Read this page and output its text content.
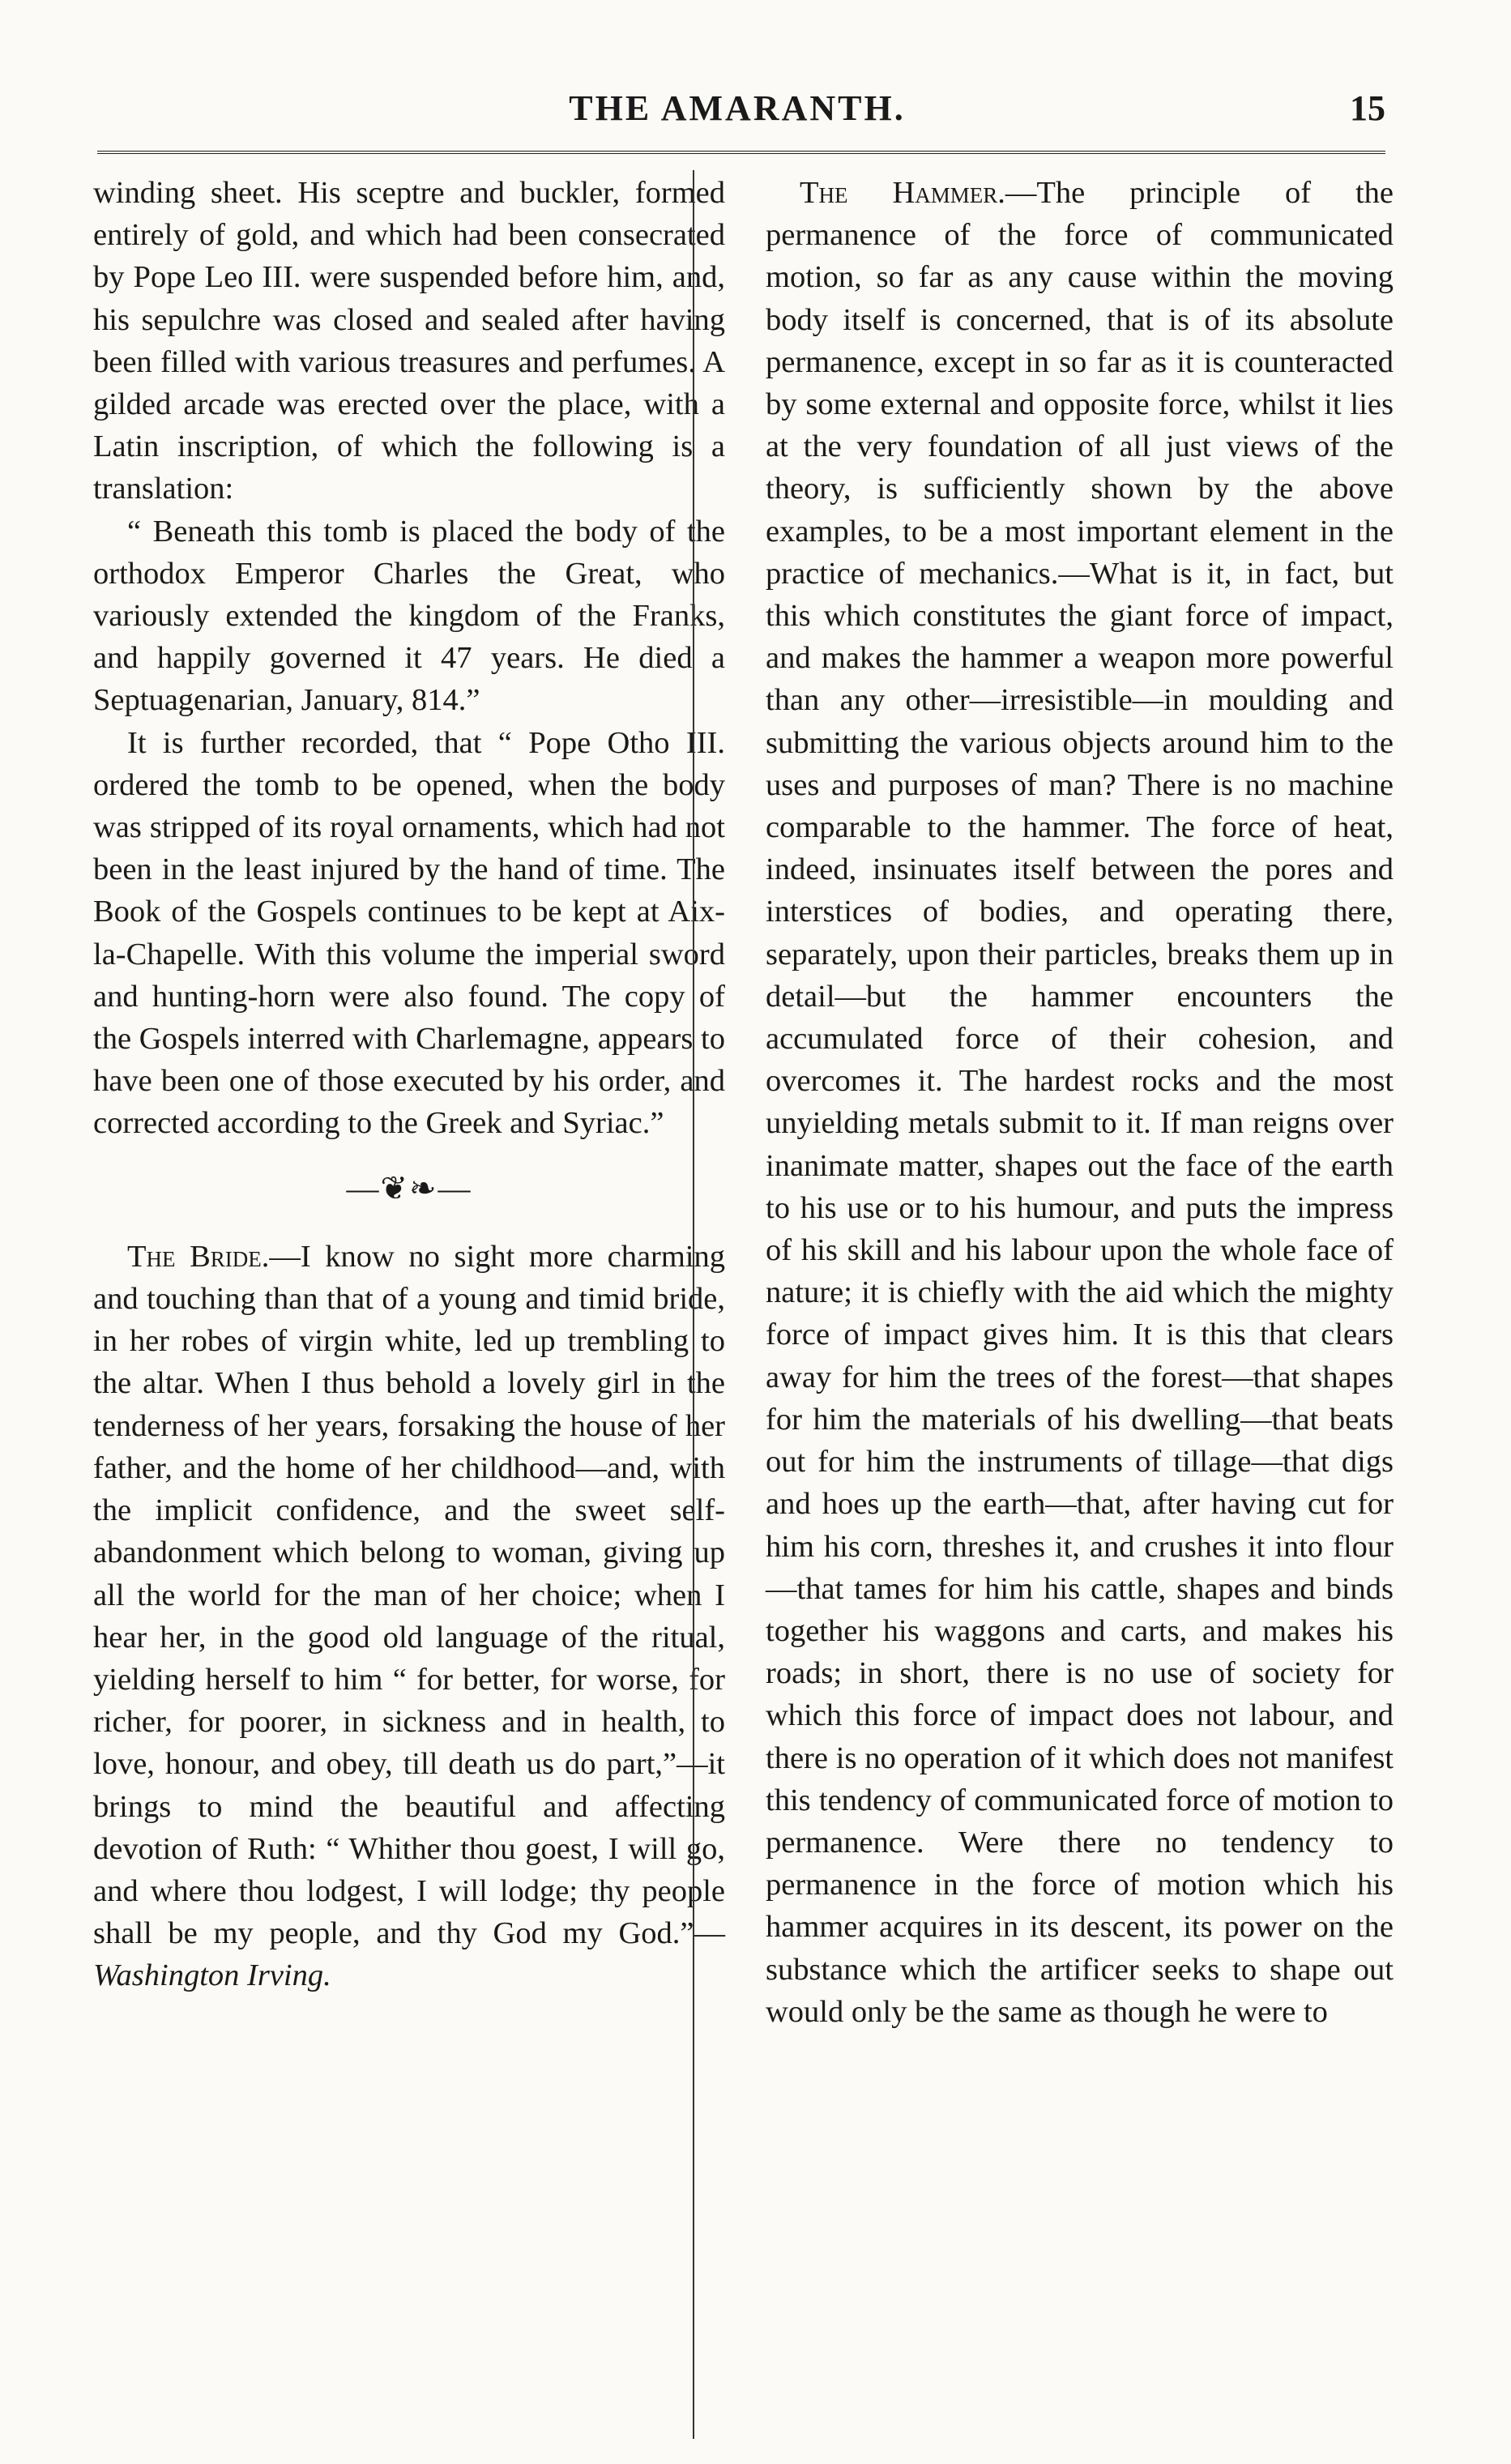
THE AMARANTH.	15

winding sheet. His sceptre and buckler, formed entirely of gold, and which had been consecrated by Pope Leo III. were suspended before him, and, his sepulchre was closed and sealed after having been filled with various treasures and perfumes. A gilded arcade was erected over the place, with a Latin inscription, of which the following is a translation:

“ Beneath this tomb is placed the body of the orthodox Emperor Charles the Great, who variously extended the kingdom of the Franks, and happily governed it 47 years. He died a Septuagenarian, January, 814.”

It is further recorded, that “ Pope Otho III. ordered the tomb to be opened, when the body was stripped of its royal ornaments, which had not been in the least injured by the hand of time. The Book of the Gospels continues to be kept at Aix-la-Chapelle. With this volume the imperial sword and hunting-horn were also found. The copy of the Gospels interred with Charlemagne, appears to have been one of those executed by his order, and corrected according to the Greek and Syriac.”

—❦❧—

The Bride.—I know no sight more charming and touching than that of a young and timid bride, in her robes of virgin white, led up trembling to the altar. When I thus behold a lovely girl in the tenderness of her years, forsaking the house of her father, and the home of her childhood—and, with the implicit confidence, and the sweet self-abandonment which belong to woman, giving up all the world for the man of her choice; when I hear her, in the good old language of the ritual, yielding herself to him “ for better, for worse, for richer, for poorer, in sickness and in health, to love, honour, and obey, till death us do part,”—it brings to mind the beautiful and affecting devotion of Ruth: “ Whither thou goest, I will go, and where thou lodgest, I will lodge; thy people shall be my people, and thy God my God.”—Washington Irving.

The Hammer.—The principle of the permanence of the force of communicated motion, so far as any cause within the moving body itself is concerned, that is of its absolute permanence, except in so far as it is counteracted by some external and opposite force, whilst it lies at the very foundation of all just views of the theory, is sufficiently shown by the above examples, to be a most important element in the practice of mechanics.—What is it, in fact, but this which constitutes the giant force of impact, and makes the hammer a weapon more powerful than any other—irresistible—in moulding and submitting the various objects around him to the uses and purposes of man? There is no machine comparable to the hammer. The force of heat, indeed, insinuates itself between the pores and interstices of bodies, and operating there, separately, upon their particles, breaks them up in detail—but the hammer encounters the accumulated force of their cohesion, and overcomes it. The hardest rocks and the most unyielding metals submit to it. If man reigns over inanimate matter, shapes out the face of the earth to his use or to his humour, and puts the impress of his skill and his labour upon the whole face of nature; it is chiefly with the aid which the mighty force of impact gives him. It is this that clears away for him the trees of the forest—that shapes for him the materials of his dwelling—that beats out for him the instruments of tillage—that digs and hoes up the earth—that, after having cut for him his corn, threshes it, and crushes it into flour—that tames for him his cattle, shapes and binds together his waggons and carts, and makes his roads; in short, there is no use of society for which this force of impact does not labour, and there is no operation of it which does not manifest this tendency of communicated force of motion to permanence. Were there no tendency to permanence in the force of motion which his hammer acquires in its descent, its power on the substance which the artificer seeks to shape out would only be the same as though he were to
